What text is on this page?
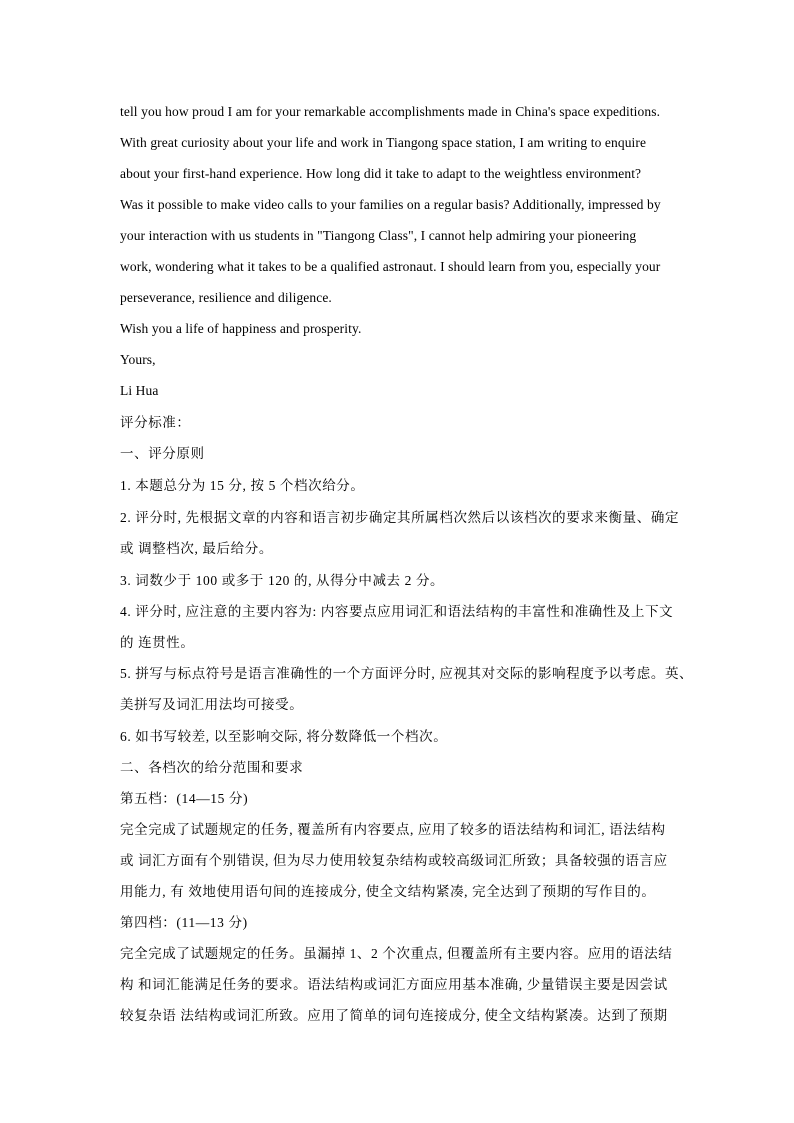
tell you how proud I am for your remarkable accomplishments made in China's space expeditions.
With great curiosity about your life and work in Tiangong space station, I am writing to enquire
about your first-hand experience. How long did it take to adapt to the weightless environment?
Was it possible to make video calls to your families on a regular basis? Additionally, impressed by
your interaction with us students in "Tiangong Class", I cannot help admiring your pioneering
work, wondering what it takes to be a qualified astronaut. I should learn from you, especially your
perseverance, resilience and diligence.
Wish you a life of happiness and prosperity.
Yours,
Li Hua
评分标准：
一、评分原则
1. 本题总分为 15 分, 按 5 个档次给分。
2. 评分时, 先根据文章的内容和语言初步确定其所属档次然后以该档次的要求来衡量、确定
或 调整档次, 最后给分。
3. 词数少于 100 或多于 120 的, 从得分中减去 2 分。
4. 评分时, 应注意的主要内容为: 内容要点应用词汇和语法结构的丰富性和准确性及上下文
的 连贯性。
5. 拼写与标点符号是语言准确性的一个方面评分时, 应视其对交际的影响程度予以考虑。英、
美拼写及词汇用法均可接受。
6. 如书写较差, 以至影响交际, 将分数降低一个档次。
二、各档次的给分范围和要求
第五档：(14—15 分)
完全完成了试题规定的任务, 覆盖所有内容要点, 应用了较多的语法结构和词汇, 语法结构
或 词汇方面有个别错误, 但为尽力使用较复杂结构或较高级词汇所致；具备较强的语言应
用能力, 有 效地使用语句间的连接成分, 使全文结构紧凑, 完全达到了预期的写作目的。
第四档：(11—13 分)
完全完成了试题规定的任务。虽漏掉 1、2 个次重点, 但覆盖所有主要内容。应用的语法结
构 和词汇能满足任务的要求。语法结构或词汇方面应用基本准确, 少量错误主要是因尝试
较复杂语 法结构或词汇所致。应用了简单的词句连接成分, 使全文结构紧凑。达到了预期
